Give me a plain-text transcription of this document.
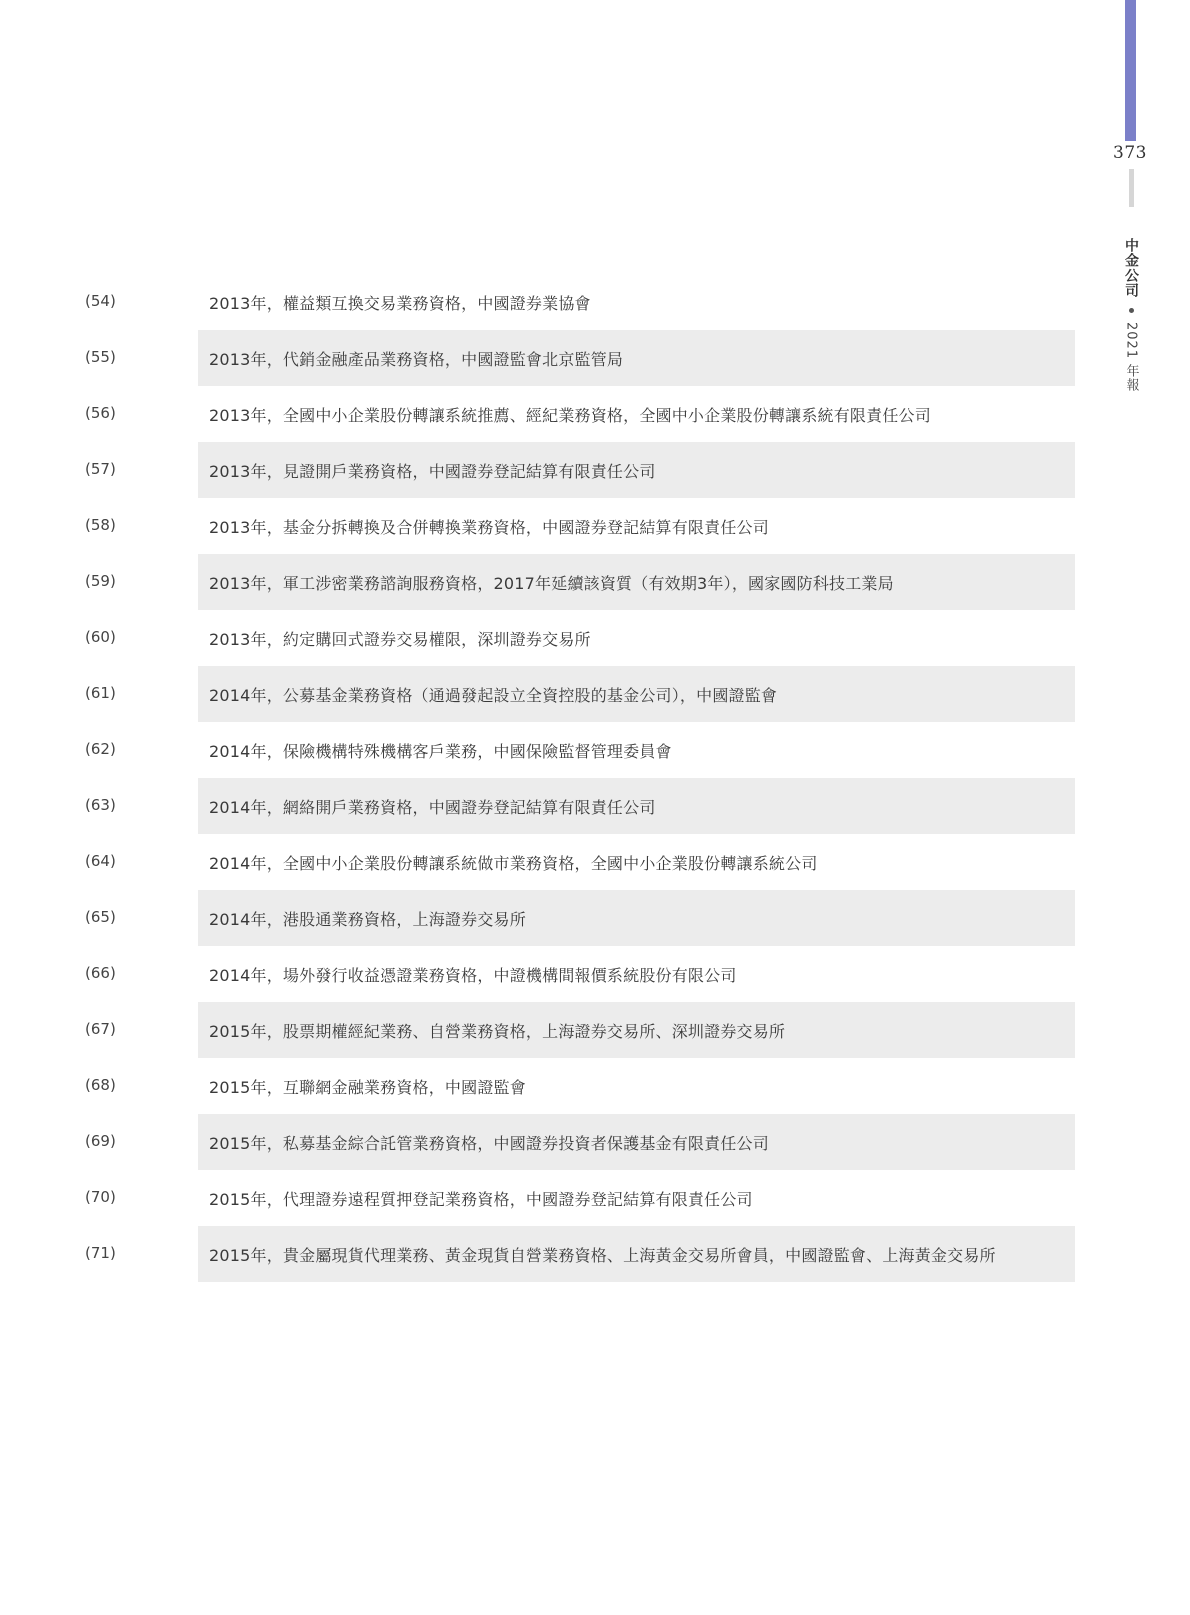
373
中金公司
2021 年報
(54)	2013年，權益類互換交易業務資格，中國證券業協會
(55)	2013年，代銷金融產品業務資格，中國證監會北京監管局
(56)	2013年，全國中小企業股份轉讓系統推薦、經紀業務資格，全國中小企業股份轉讓系統有限責任公司
(57)	2013年，見證開戶業務資格，中國證券登記結算有限責任公司
(58)	2013年，基金分拆轉換及合併轉換業務資格，中國證券登記結算有限責任公司
(59)	2013年，軍工涉密業務諮詢服務資格，2017年延續該資質（有效期3年），國家國防科技工業局
(60)	2013年，約定購回式證券交易權限，深圳證券交易所
(61)	2014年，公募基金業務資格（通過發起設立全資控股的基金公司），中國證監會
(62)	2014年，保險機構特殊機構客戶業務，中國保險監督管理委員會
(63)	2014年，網絡開戶業務資格，中國證券登記結算有限責任公司
(64)	2014年，全國中小企業股份轉讓系統做市業務資格，全國中小企業股份轉讓系統公司
(65)	2014年，港股通業務資格，上海證券交易所
(66)	2014年，場外發行收益憑證業務資格，中證機構間報價系統股份有限公司
(67)	2015年，股票期權經紀業務、自營業務資格，上海證券交易所、深圳證券交易所
(68)	2015年，互聯網金融業務資格，中國證監會
(69)	2015年，私募基金綜合託管業務資格，中國證券投資者保護基金有限責任公司
(70)	2015年，代理證券遠程質押登記業務資格，中國證券登記結算有限責任公司
(71)	2015年，貴金屬現貨代理業務、黃金現貨自營業務資格、上海黃金交易所會員，中國證監會、上海黃金交易所
